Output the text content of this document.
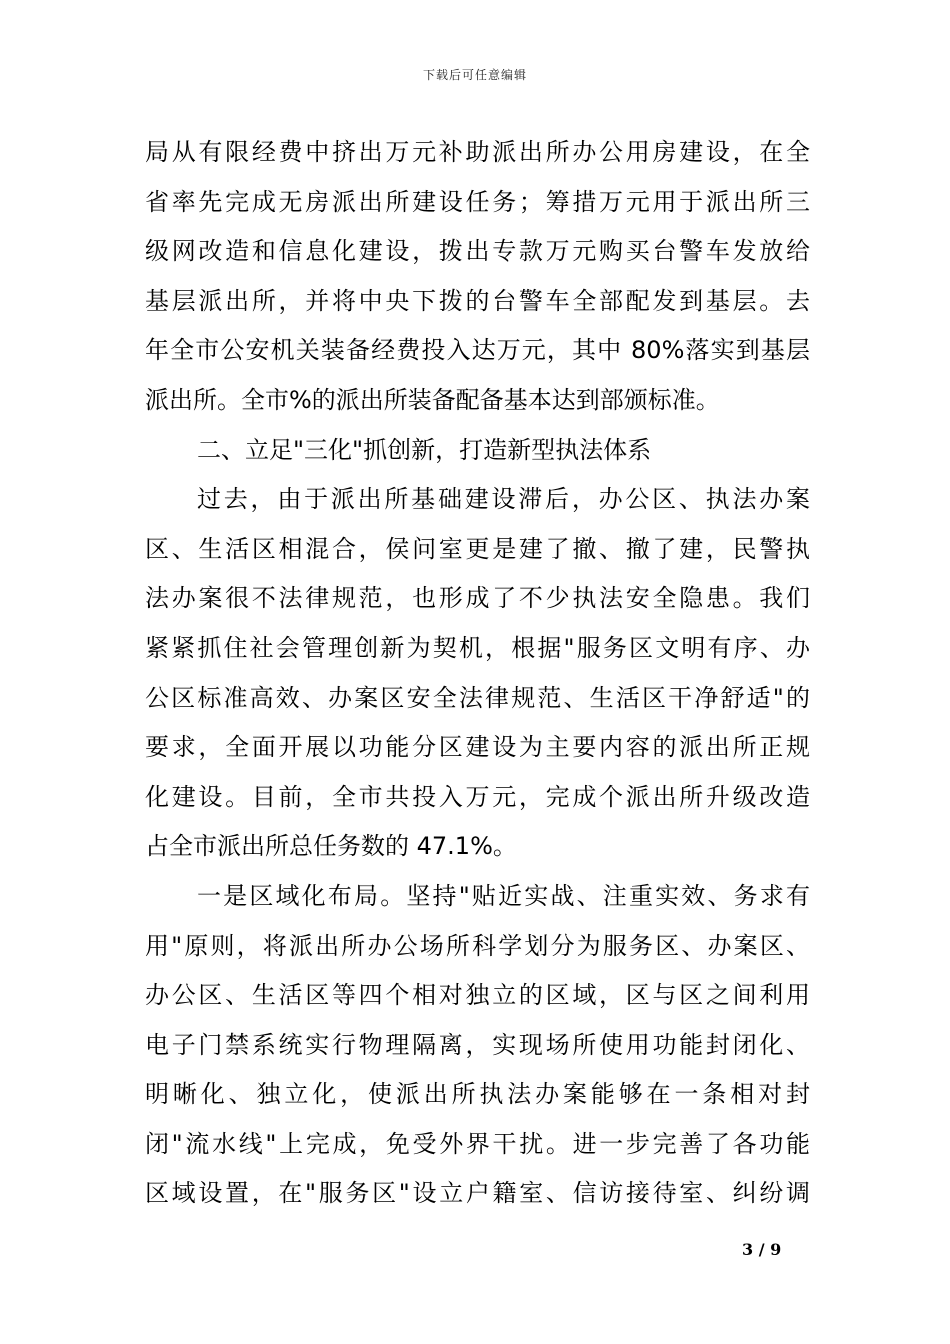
下载后可任意编辑
局从有限经费中挤出万元补助派出所办公用房建设，在全
省率先完成无房派出所建设任务；筹措万元用于派出所三
级网改造和信息化建设，拨出专款万元购买台警车发放给
基层派出所，并将中央下拨的台警车全部配发到基层。去
年全市公安机关装备经费投入达万元，其中 80%落实到基层
派出所。全市%的派出所装备配备基本达到部颁标准。
二、立足"三化"抓创新，打造新型执法体系
过去，由于派出所基础建设滞后，办公区、执法办案
区、生活区相混合，侯问室更是建了撤、撤了建，民警执
法办案很不法律规范，也形成了不少执法安全隐患。我们
紧紧抓住社会管理创新为契机，根据"服务区文明有序、办
公区标准高效、办案区安全法律规范、生活区干净舒适"的
要求，全面开展以功能分区建设为主要内容的派出所正规
化建设。目前，全市共投入万元，完成个派出所升级改造
占全市派出所总任务数的 47.1%。
一是区域化布局。坚持"贴近实战、注重实效、务求有
用"原则，将派出所办公场所科学划分为服务区、办案区、
办公区、生活区等四个相对独立的区域，区与区之间利用
电子门禁系统实行物理隔离，实现场所使用功能封闭化、
明晰化、独立化，使派出所执法办案能够在一条相对封
闭"流水线"上完成，免受外界干扰。进一步完善了各功能
区域设置，在"服务区"设立户籍室、信访接待室、纠纷调
3 / 9
